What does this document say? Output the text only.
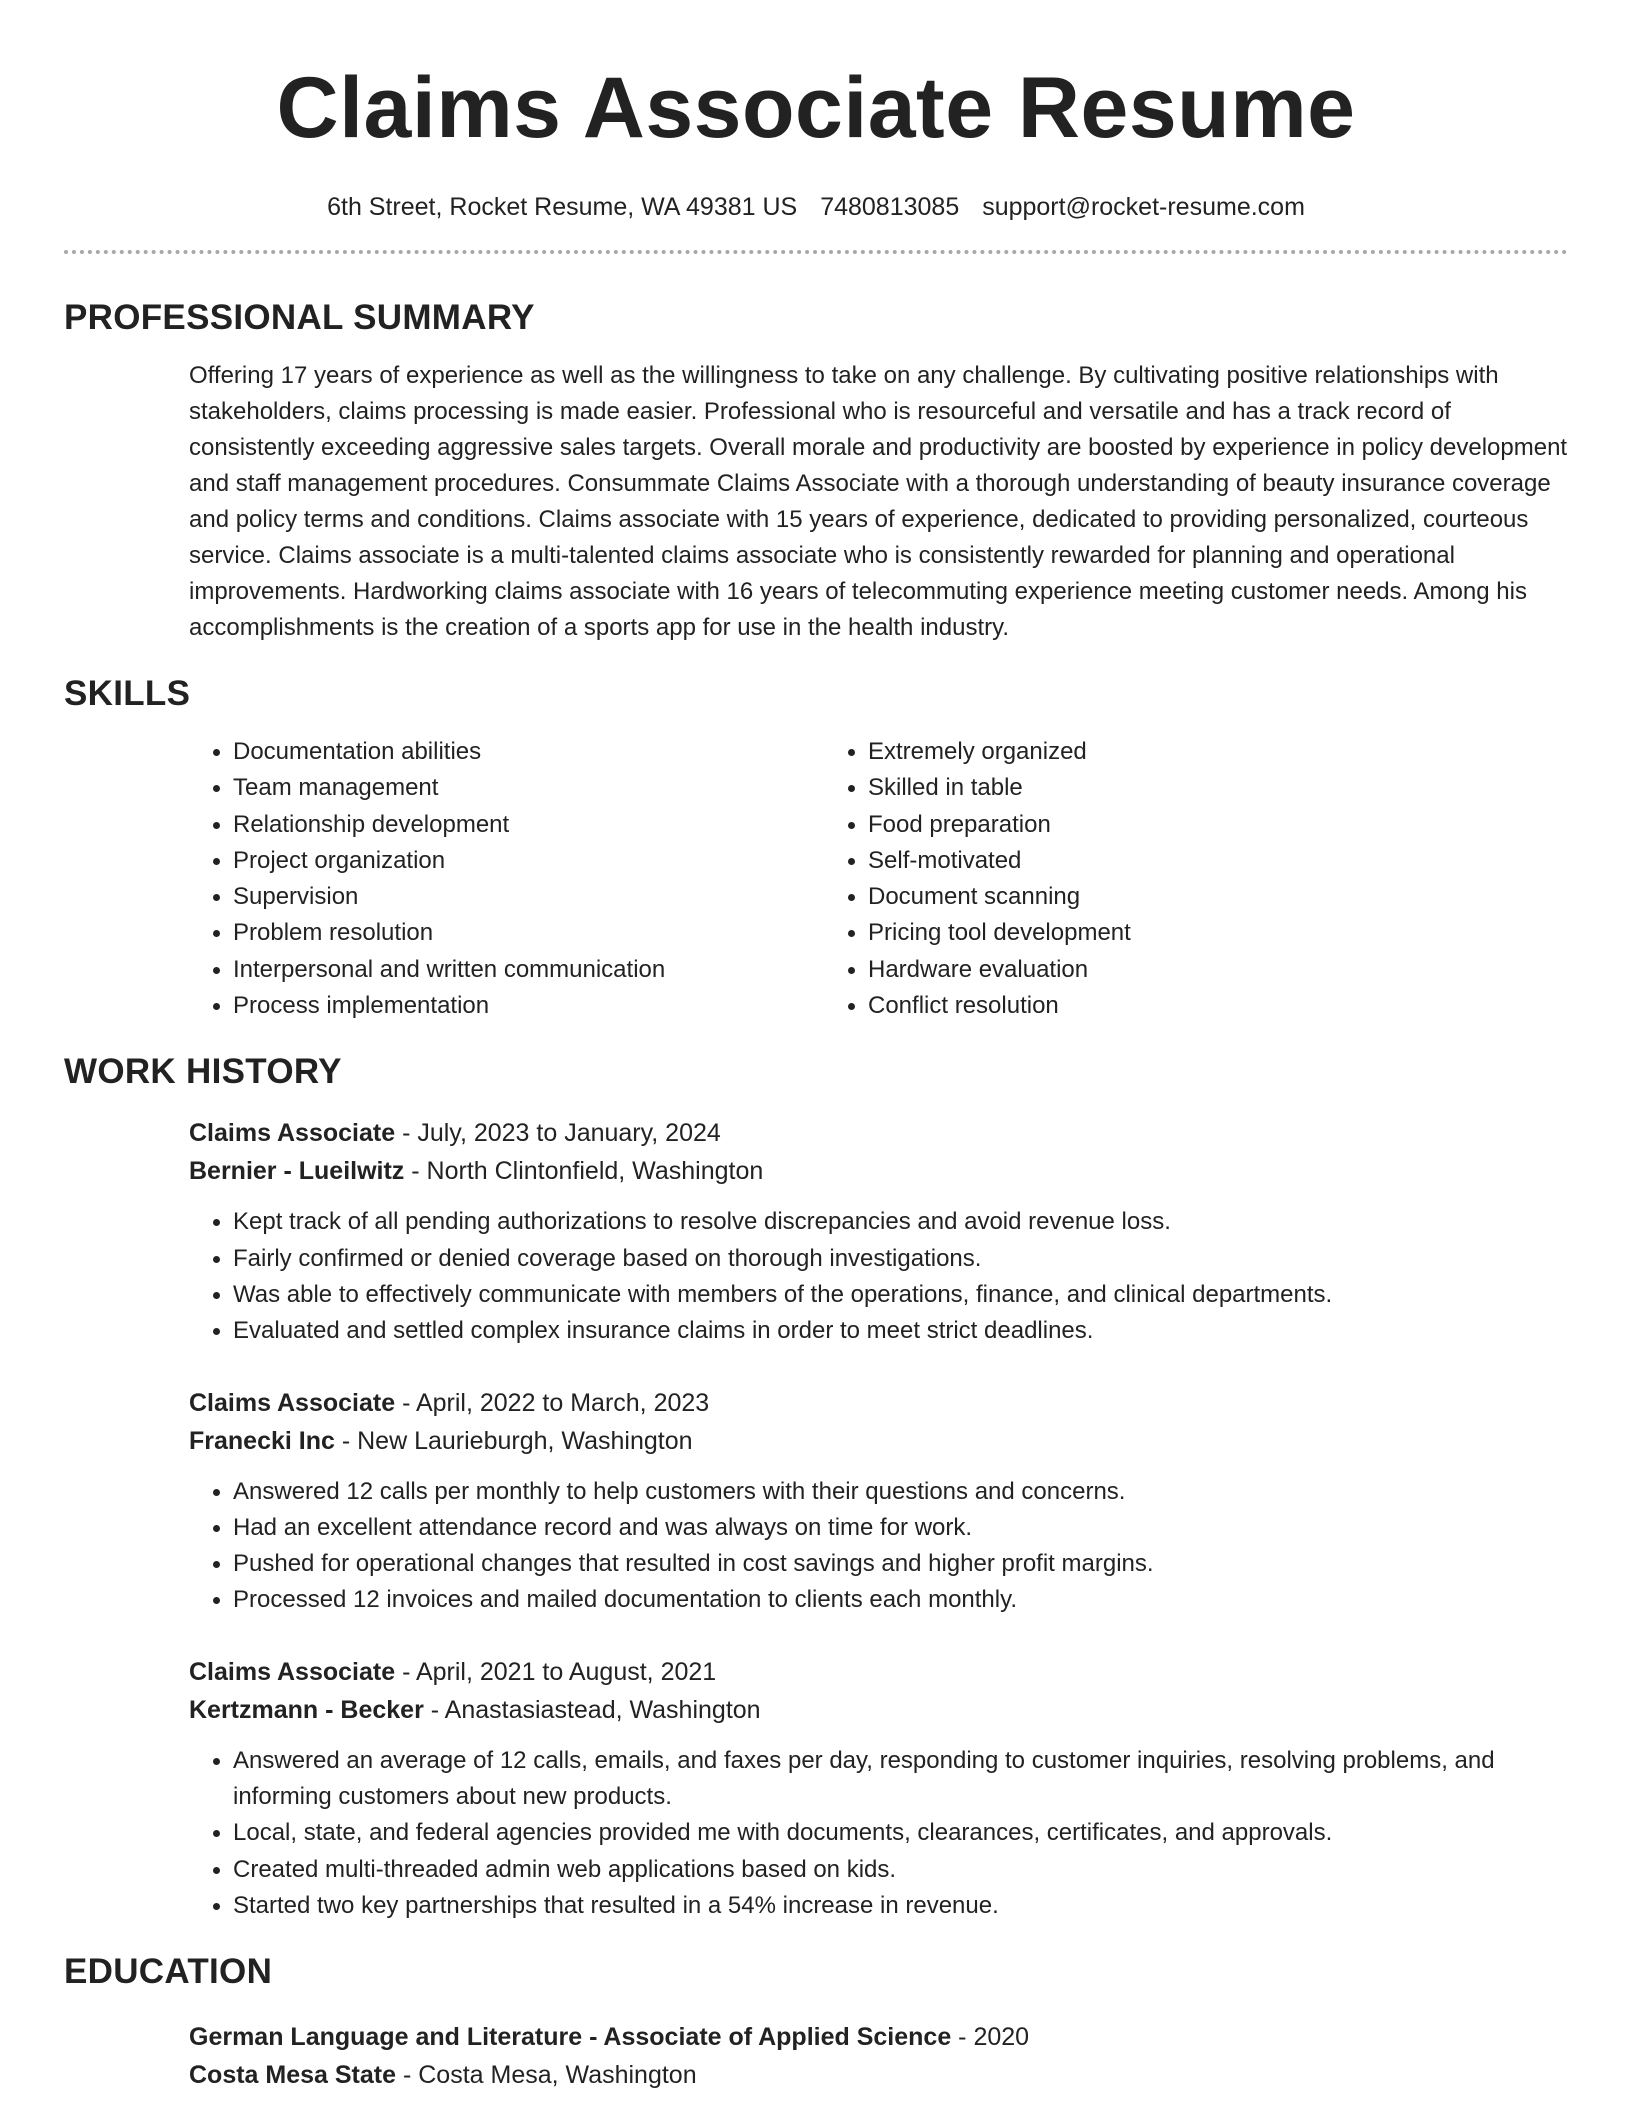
Claims Associate Resume
6th Street, Rocket Resume, WA 49381 US 7480813085 support@rocket-resume.com
PROFESSIONAL SUMMARY

Offering 17 years of experience as well as the willingness to take on any challenge. By cultivating positive relationships with stakeholders, claims processing is made easier. Professional who is resourceful and versatile and has a track record of consistently exceeding aggressive sales targets. Overall morale and productivity are boosted by experience in policy development and staff management procedures. Consummate Claims Associate with a thorough understanding of beauty insurance coverage and policy terms and conditions. Claims associate with 15 years of experience, dedicated to providing personalized, courteous service. Claims associate is a multi-talented claims associate who is consistently rewarded for planning and operational improvements. Hardworking claims associate with 16 years of telecommuting experience meeting customer needs. Among his accomplishments is the creation of a sports app for use in the health industry.

SKILLS
• Documentation abilities
• Team management
• Relationship development
• Project organization
• Supervision
• Problem resolution
• Interpersonal and written communication
• Process implementation
• Extremely organized
• Skilled in table
• Food preparation
• Self-motivated
• Document scanning
• Pricing tool development
• Hardware evaluation
• Conflict resolution
WORK HISTORY
Claims Associate - July, 2023 to January, 2024
Bernier - Lueilwitz - North Clintonfield, Washington
• Kept track of all pending authorizations to resolve discrepancies and avoid revenue loss.
• Fairly confirmed or denied coverage based on thorough investigations.
• Was able to effectively communicate with members of the operations, finance, and clinical departments.
• Evaluated and settled complex insurance claims in order to meet strict deadlines.
Claims Associate - April, 2022 to March, 2023
Franecki Inc - New Laurieburgh, Washington
• Answered 12 calls per monthly to help customers with their questions and concerns.
• Had an excellent attendance record and was always on time for work.
• Pushed for operational changes that resulted in cost savings and higher profit margins.
• Processed 12 invoices and mailed documentation to clients each monthly.
Claims Associate - April, 2021 to August, 2021
Kertzmann - Becker - Anastasiastead, Washington
• Answered an average of 12 calls, emails, and faxes per day, responding to customer inquiries, resolving problems, and informing customers about new products.
• Local, state, and federal agencies provided me with documents, clearances, certificates, and approvals.
• Created multi-threaded admin web applications based on kids.
• Started two key partnerships that resulted in a 54% increase in revenue.
EDUCATION
German Language and Literature - Associate of Applied Science - 2020
Costa Mesa State - Costa Mesa, Washington
